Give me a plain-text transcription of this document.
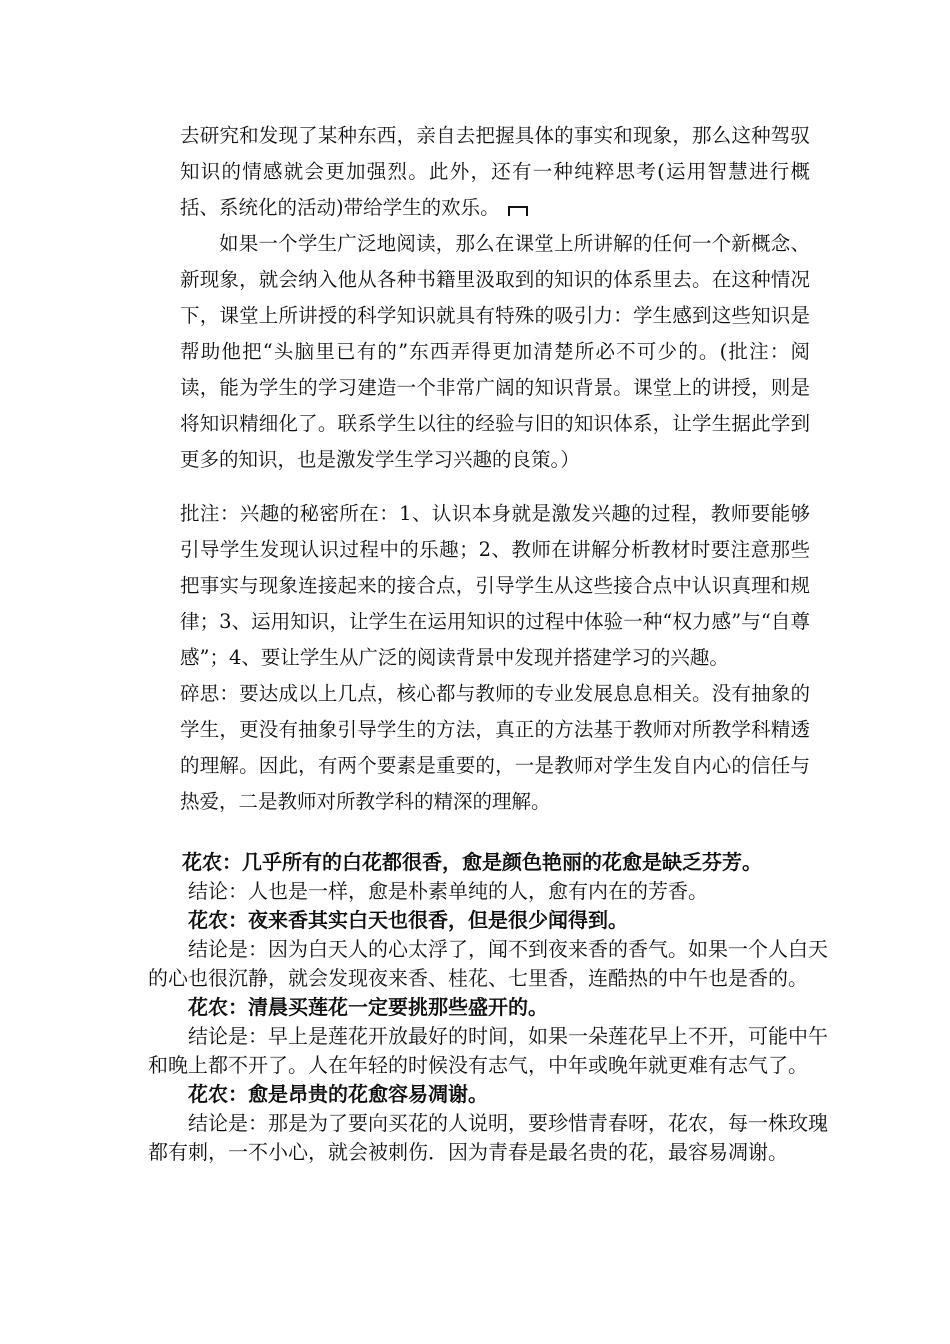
去研究和发现了某种东西，亲自去把握具体的事实和现象，那么这种驾驭知识的情感就会更加强烈。此外，还有一种纯粹思考(运用智慧进行概括、系统化的活动)带给学生的欢乐。

如果一个学生广泛地阅读，那么在课堂上所讲解的任何一个新概念、新现象，就会纳入他从各种书籍里汲取到的知识的体系里去。在这种情况下，课堂上所讲授的科学知识就具有特殊的吸引力：学生感到这些知识是帮助他把“头脑里已有的”东西弄得更加清楚所必不可少的。(批注：阅读，能为学生的学习建造一个非常广阔的知识背景。课堂上的讲授，则是将知识精细化了。联系学生以往的经验与旧的知识体系，让学生据此学到更多的知识，也是激发学生学习兴趣的良策。）

批注：兴趣的秘密所在：1、认识本身就是激发兴趣的过程，教师要能够引导学生发现认识过程中的乐趣；2、教师在讲解分析教材时要注意那些把事实与现象连接起来的接合点，引导学生从这些接合点中认识真理和规律；3、运用知识，让学生在运用知识的过程中体验一种“权力感”与“自尊感”；4、要让学生从广泛的阅读背景中发现并搭建学习的兴趣。

碎思：要达成以上几点，核心都与教师的专业发展息息相关。没有抽象的学生，更没有抽象引导学生的方法，真正的方法基于教师对所教学科精透的理解。因此，有两个要素是重要的，一是教师对学生发自内心的信任与热爱，二是教师对所教学科的精深的理解。

花农：几乎所有的白花都很香，愈是颜色艳丽的花愈是缺乏芬芳。

结论：人也是一样，愈是朴素单纯的人，愈有内在的芳香。

花农：夜来香其实白天也很香，但是很少闻得到。

结论是：因为白天人的心太浮了，闻不到夜来香的香气。如果一个人白天的心也很沉静，就会发现夜来香、桂花、七里香，连酷热的中午也是香的。

花农：清晨买莲花一定要挑那些盛开的。

结论是：早上是莲花开放最好的时间，如果一朵莲花早上不开，可能中午和晚上都不开了。人在年轻的时候没有志气，中年或晚年就更难有志气了。

花农：愈是昂贵的花愈容易凋谢。

结论是：那是为了要向买花的人说明，要珍惜青春呀，花农，每一株玫瑰都有刺，一不小心，就会被刺伤．因为青春是最名贵的花，最容易凋谢。
